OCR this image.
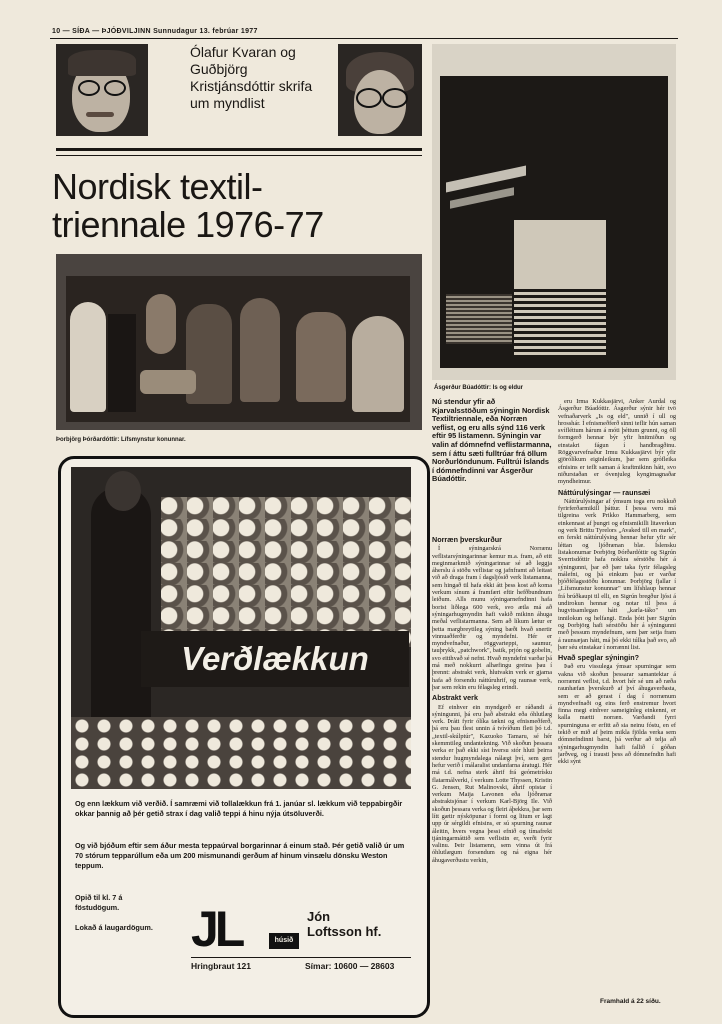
10 — SÍÐA — ÞJÓÐVILJINN Sunnudagur 13. febrúar 1977
Ólafur Kvaran og Guðbjörg Kristjánsdóttir skrifa um myndlist
Nordisk textil-
triennale 1976-77
Þorbjörg Þórðardóttir: Lífsmynstur konunnar.
Ásgerður Búadóttir: Is og eldur
Nú stendur yfir að Kjarvalsstöðum sýningin Nordisk Textiltriennale, eða Norræn veflist, og eru alls sýnd 116 verk eftir 95 listamenn. Sýningin var valin af dómnefnd veflistarmanna, sem í áttu sæti fulltrúar frá öllum Norðurlöndunum. Fulltrúi Íslands í dómnefndinni var Ásgerður Búadóttir.
Norræn þverskurður

Í sýningarskrá Norrænu veflistarsýningarinnar kemur m.a. fram, að eitt meginmarkmið sýningarinnar sé að leggja áherslu á stöðu veflistar og jafnframt að leitast við að draga fram í dagsljósið verk listamanna, sem hingað til hafa ekki átt þess kost að koma verkum sínum á framfæri eftir hefðbundnum leiðum. Alls munu sýningarnefndinni hafa borist liðlega 600 verk, svo ætla má að sýningarhugmyndin hafi vakið mikinn áhuga meðal veflistarmanna. Sem að líkum lætur er þetta margbreytileg sýning bæði hvað snertir vinnuaðferðir og myndefni. Hér er myndvefnaður, röggvarteppi, saumur, tauþrykk, „patchwork", batik, prjón og gobelin, svo eitthvað sé nefnt. Hvað myndefni varðar þá má með nokkurri alhæfingu greina þau í þrennt: abstrakt verk, hlutvakin verk er gjarna hafa að forsendu náttúruhrif, og raunsæ verk, þar sem rekin eru félagsleg erindi.

Abstrakt verk

Ef einhver ein myndgerð er ráðandi á sýningunni, þá eru það abstrakt eða óhlutlæg verk. Þrátt fyrir ólíka tækni og efnismeðferð, þá eru þau flest unnin á tvívíðum fleti þó t.d. „textil-skúlptúr", Kazuoko Tamaru, sé hér skemmtileg undantekning. Við skoðun þessara verka er það ekki síst hversu stór hluti þeirra stendur hugmyndalega nálægt því, sem gert hefur verið í málaralist undanfarna áratugi. Hér má t.d. nefna sterk áhrif frá geómetrísku flatarmálverki, í verkum Lotte Thyssen, Kristin G. Jensen, Rut Malinovski, áhrif opistar í verkum Maija Lavonen eða ljóðrænar abstraktsjónar í verkum Karl-Björg Ile. Við skoðun þessara verka og fleiri áþekkra, þar sem lítt gætir nýsköpunar í formi og litum er lagt upp úr sérgildi efnisins, er sú spurning raunar áleitin, hvers vegna þessi efnið og tímafrekt tjáningarmáttið sem veflistin er, verði fyrir valinu. Þeir listamenn, sem vinna út frá óhlutlægum forsendum og ná eigna hér áhugaverðustu verkin,

eru Irma Kukkasjärvi, Anker Aurdal og Ásgerður Búadóttir. Ásgerður sýnir hér tvö vefnaðarverk „Is og eld", unnið í ull og hrosshár. Í efnismeðferð sinni teflir hún saman svífléttum hárum á móti þéttum grunni, og öll formgerð hennar býr yfir hnitmiðun og einstakri fágun í handbragðinu. Röggvarvefnaður Irmu Kukkasjärvi býr yfir gjörólíkum eiginleikum, þar sem grófleika efnisins er teflt saman á kraftmikinn hátt, svo niðurstaðan er óvenjuleg kyngimagnaðar myndheimur.

Náttúrulýsingar — raunsæi

Náttúrulýsingar af ýmsum toga eru nokkuð fyrirferðarmikill þáttur. Í þessa veru má tilgreina verk Prikko Hammarberg, sem einkennast af þungri og efnismikilli litaverkun og verk Brittu Tyrelors „Avaked till en mark", en ferskt náttúrulýsing hennar hefur yfir sér léttan og ljóðrænan blæ. Íslensku listakonurnar Þorbjörg Þórðardóttir og Sigrún Sverrisdóttir hafa nokkra sérstöðu hér á sýningunni, þar eð þær taka fyrir félagsleg málefni, og þá einkum þau er varðar þjóðfélagsstöðu konunnar. Þorbjörg fjallar í „Lífsmunstur konunnar" um lífshlaup hennar frá brúðkaupi til elli, en Sigrún bregður ljósi á undirokun hennar og notar til þess á hugvitsamlegan hátt „karla-táko" um innilokun og helfangi. Enda þótt þær Sigrún og Þorbjörg hafi sérstöðu hér á sýningunni með þessum myndefnum, sem þær setja fram á raunsæjan hátt, má þó ekki túlka það svo, að þær séu einstakar í norrænni list.

Hvað speglar sýningin?

Það eru vissulega ýmsar spurningar sem vakna við skoðun þessarar samantektar á norrænni veflist, t.d. hvort hér sé um að ræða raunhæfan þverskurð af því áhugaverðasta, sem er að gerast í dag í norrænum myndvefnaði og eins ferð enstremur hvort finna megi einhver sameiginleg einkenni, er kalla mætti norræn. Varðandi fyrri spurninguna er erfitt að sia neinu fóstu, en ef tekið er mið af þeim mikla fjölda verka sem dómnefndinni barst, þá verður að telja að sýningarhugmyndin hafi fallið í góðan jarðveg, og í trausti þess að dómnefndin hafi ekki sýnt

Framhald á 22 síðu.
Verðlækkun
Og enn lækkum við verðið. Í samræmi við tollalækkun frá 1. janúar sl. lækkum við teppabirgðir okkar þannig að þér getið strax í dag valið teppi á hinu nýja útsöluverði.
Og við bjóðum eftir sem áður mesta teppaúrval borgarinnar á einum stað. Þér getið valið úr um 70 stórum tepparúllum eða um 200 mismunandi gerðum af hinum vinsælu dönsku Weston teppum.
Opið til kl. 7 á föstudögum.
Lokað á laugardögum. JL	húsið
Jón
Loftsson hf.
Hringbraut 121	Símar: 10600 — 28603
